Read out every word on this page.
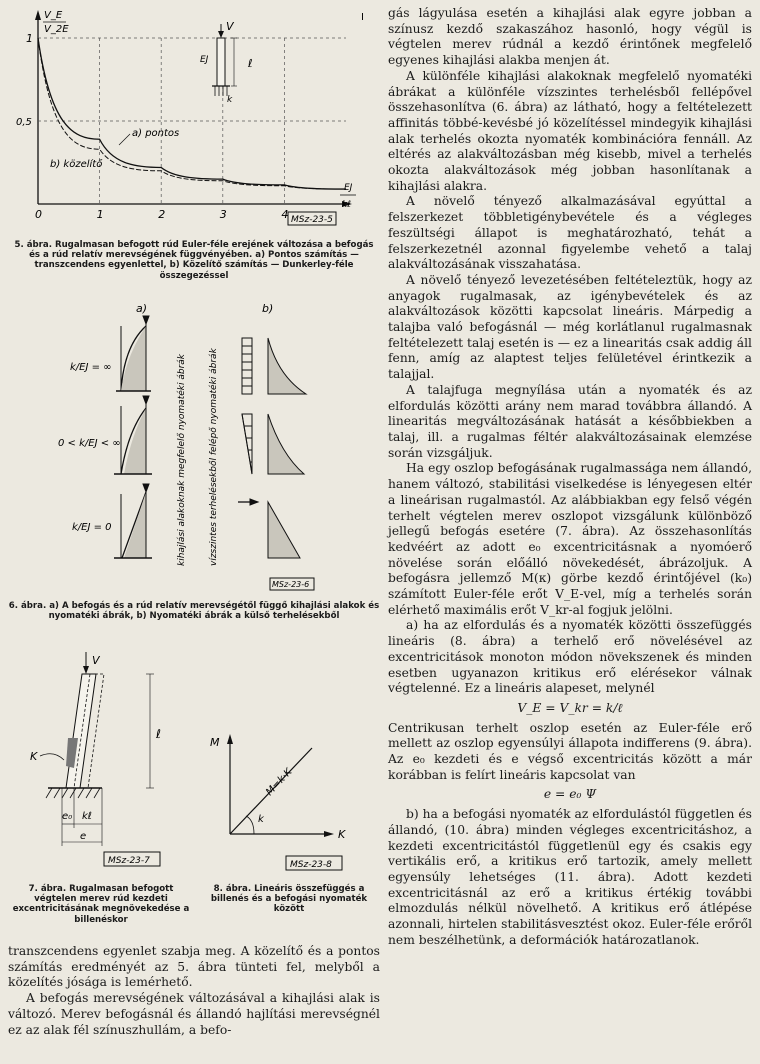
V_E
V_2E
1
0,5
0	1	2	3	4
EJ
kℓ
a) pontos
b) közelítő
V
EJ	ℓ
k
MSz-23-5
I
5. ábra. Rugalmasan befogott rúd Euler-féle erejének változása a befogás és a rúd relatív merevségének függvényében. a) Pontos számítás — transzcendens egyenlettel, b) Közelítő számítás — Dunkerley-féle összegezéssel
a)	b)
k/EJ = ∞
0 < k/EJ < ∞
k/EJ = 0	kihajlási alakoknak megfelelő nyomatéki ábrák vízszintes terhelésekből felépő nyomatéki ábrák
MSz-23-6
6. ábra. a) A befogás és a rúd relatív merevségétől függő kihajlási alakok és nyomatéki ábrák, b) Nyomatéki ábrák a külső terhelésekből
V
ℓ
K
e₀ kℓ
e
MSz-23-7
7. ábra. Rugalmasan befogott végtelen merev rúd kezdeti excentricitásának megnövekedése a billenéskor
M
M=k·K
k
K
MSz-23-8
8. ábra. Lineáris összefüggés a billenés és a befogási nyomaték között

transzcendens egyenlet szabja meg. A közelítő és a pontos számítás eredményét az 5. ábra tünteti fel, melyből a közelítés jósága is lemérhető.

A befogás merevségének változásával a kihajlási alak is változó. Merev befogásnál és állandó hajlítási merevségnél ez az alak fél színuszhullám, a befo-

gás lágyulása esetén a kihajlási alak egyre jobban a színusz kezdő szakaszához hasonló, hogy végül is végtelen merev rúdnál a kezdő érintőnek megfelelő egyenes kihajlási alakba menjen át.

A különféle kihajlási alakoknak megfelelő nyomatéki ábrákat a különféle vízszintes terhelésből fellépővel összehasonlítva (6. ábra) az látható, hogy a feltételezett affinitás többé-kevésbé jó közelítéssel mindegyik kihajlási alak terhelés okozta nyomaték kombinációra fennáll. Az eltérés az alakváltozásban még kisebb, mivel a terhelés okozta alakváltozások még jobban hasonlítanak a kihajlási alakra.

A növelő tényező alkalmazásával egyúttal a felszerkezet többletigénybevétele és a végleges feszültségi állapot is meghatározható, tehát a felszerkezetnél azonnal figyelembe vehető a talaj alakváltozásának visszahatása.

A növelő tényező levezetésében feltételeztük, hogy az anyagok rugalmasak, az igénybevételek és az alakváltozások közötti kapcsolat lineáris. Márpedig a talajba való befogásnál — még korlátlanul rugalmasnak feltételezett talaj esetén is — ez a linearitás csak addig áll fenn, amíg az alaptest teljes felületével érintkezik a talajjal.

A talajfuga megnyílása után a nyomaték és az elfordulás közötti arány nem marad továbbra állandó. A linearitás megváltozásának hatását a későbbiekben a talaj, ill. a rugalmas féltér alakváltozásainak elemzése során vizsgáljuk.

Ha egy oszlop befogásának rugalmassága nem állandó, hanem változó, stabilitási viselkedése is lényegesen eltér a lineárisan rugalmastól. Az alábbiakban egy felső végén terhelt végtelen merev oszlopot vizsgálunk különböző jellegű befogás esetére (7. ábra). Az összehasonlítás kedvéért az adott e₀ excentricitásnak a nyomóerő növelése során előálló növekedését, ábrázoljuk. A befogásra jellemző M(κ) görbe kezdő érintőjével (k₀) számított Euler-féle erőt V_E-vel, míg a terhelés során elérhető maximális erőt V_kr-al fogjuk jelölni.

a) ha az elfordulás és a nyomaték közötti összefüggés lineáris (8. ábra) a terhelő erő növelésével az excentricitások monoton módon növekszenek és minden esetben ugyanazon kritikus erő elérésekor válnak végtelenné. Ez a lineáris alapeset, melynél

V_E = V_kr = k/ℓ

Centrikusan terhelt oszlop esetén az Euler-féle erő mellett az oszlop egyensúlyi állapota indifferens (9. ábra). Az e₀ kezdeti és e végső excentricitás között a már korábban is felírt lineáris kapcsolat van

e = e₀ Ψ

b) ha a befogási nyomaték az elfordulástól független és állandó, (10. ábra) minden végleges excentricitáshoz, a kezdeti excentricitástól függetlenül egy és csakis egy vertikális erő, a kritikus erő tartozik, amely mellett egyensúly lehetséges (11. ábra). Adott kezdeti excentricitásnál az erő a kritikus értékig további elmozdulás nélkül növelhető. A kritikus erő átlépése azonnali, hirtelen stabilitásvesztést okoz. Euler-féle erőről nem beszélhetünk, a deformációk határozatlanok.
